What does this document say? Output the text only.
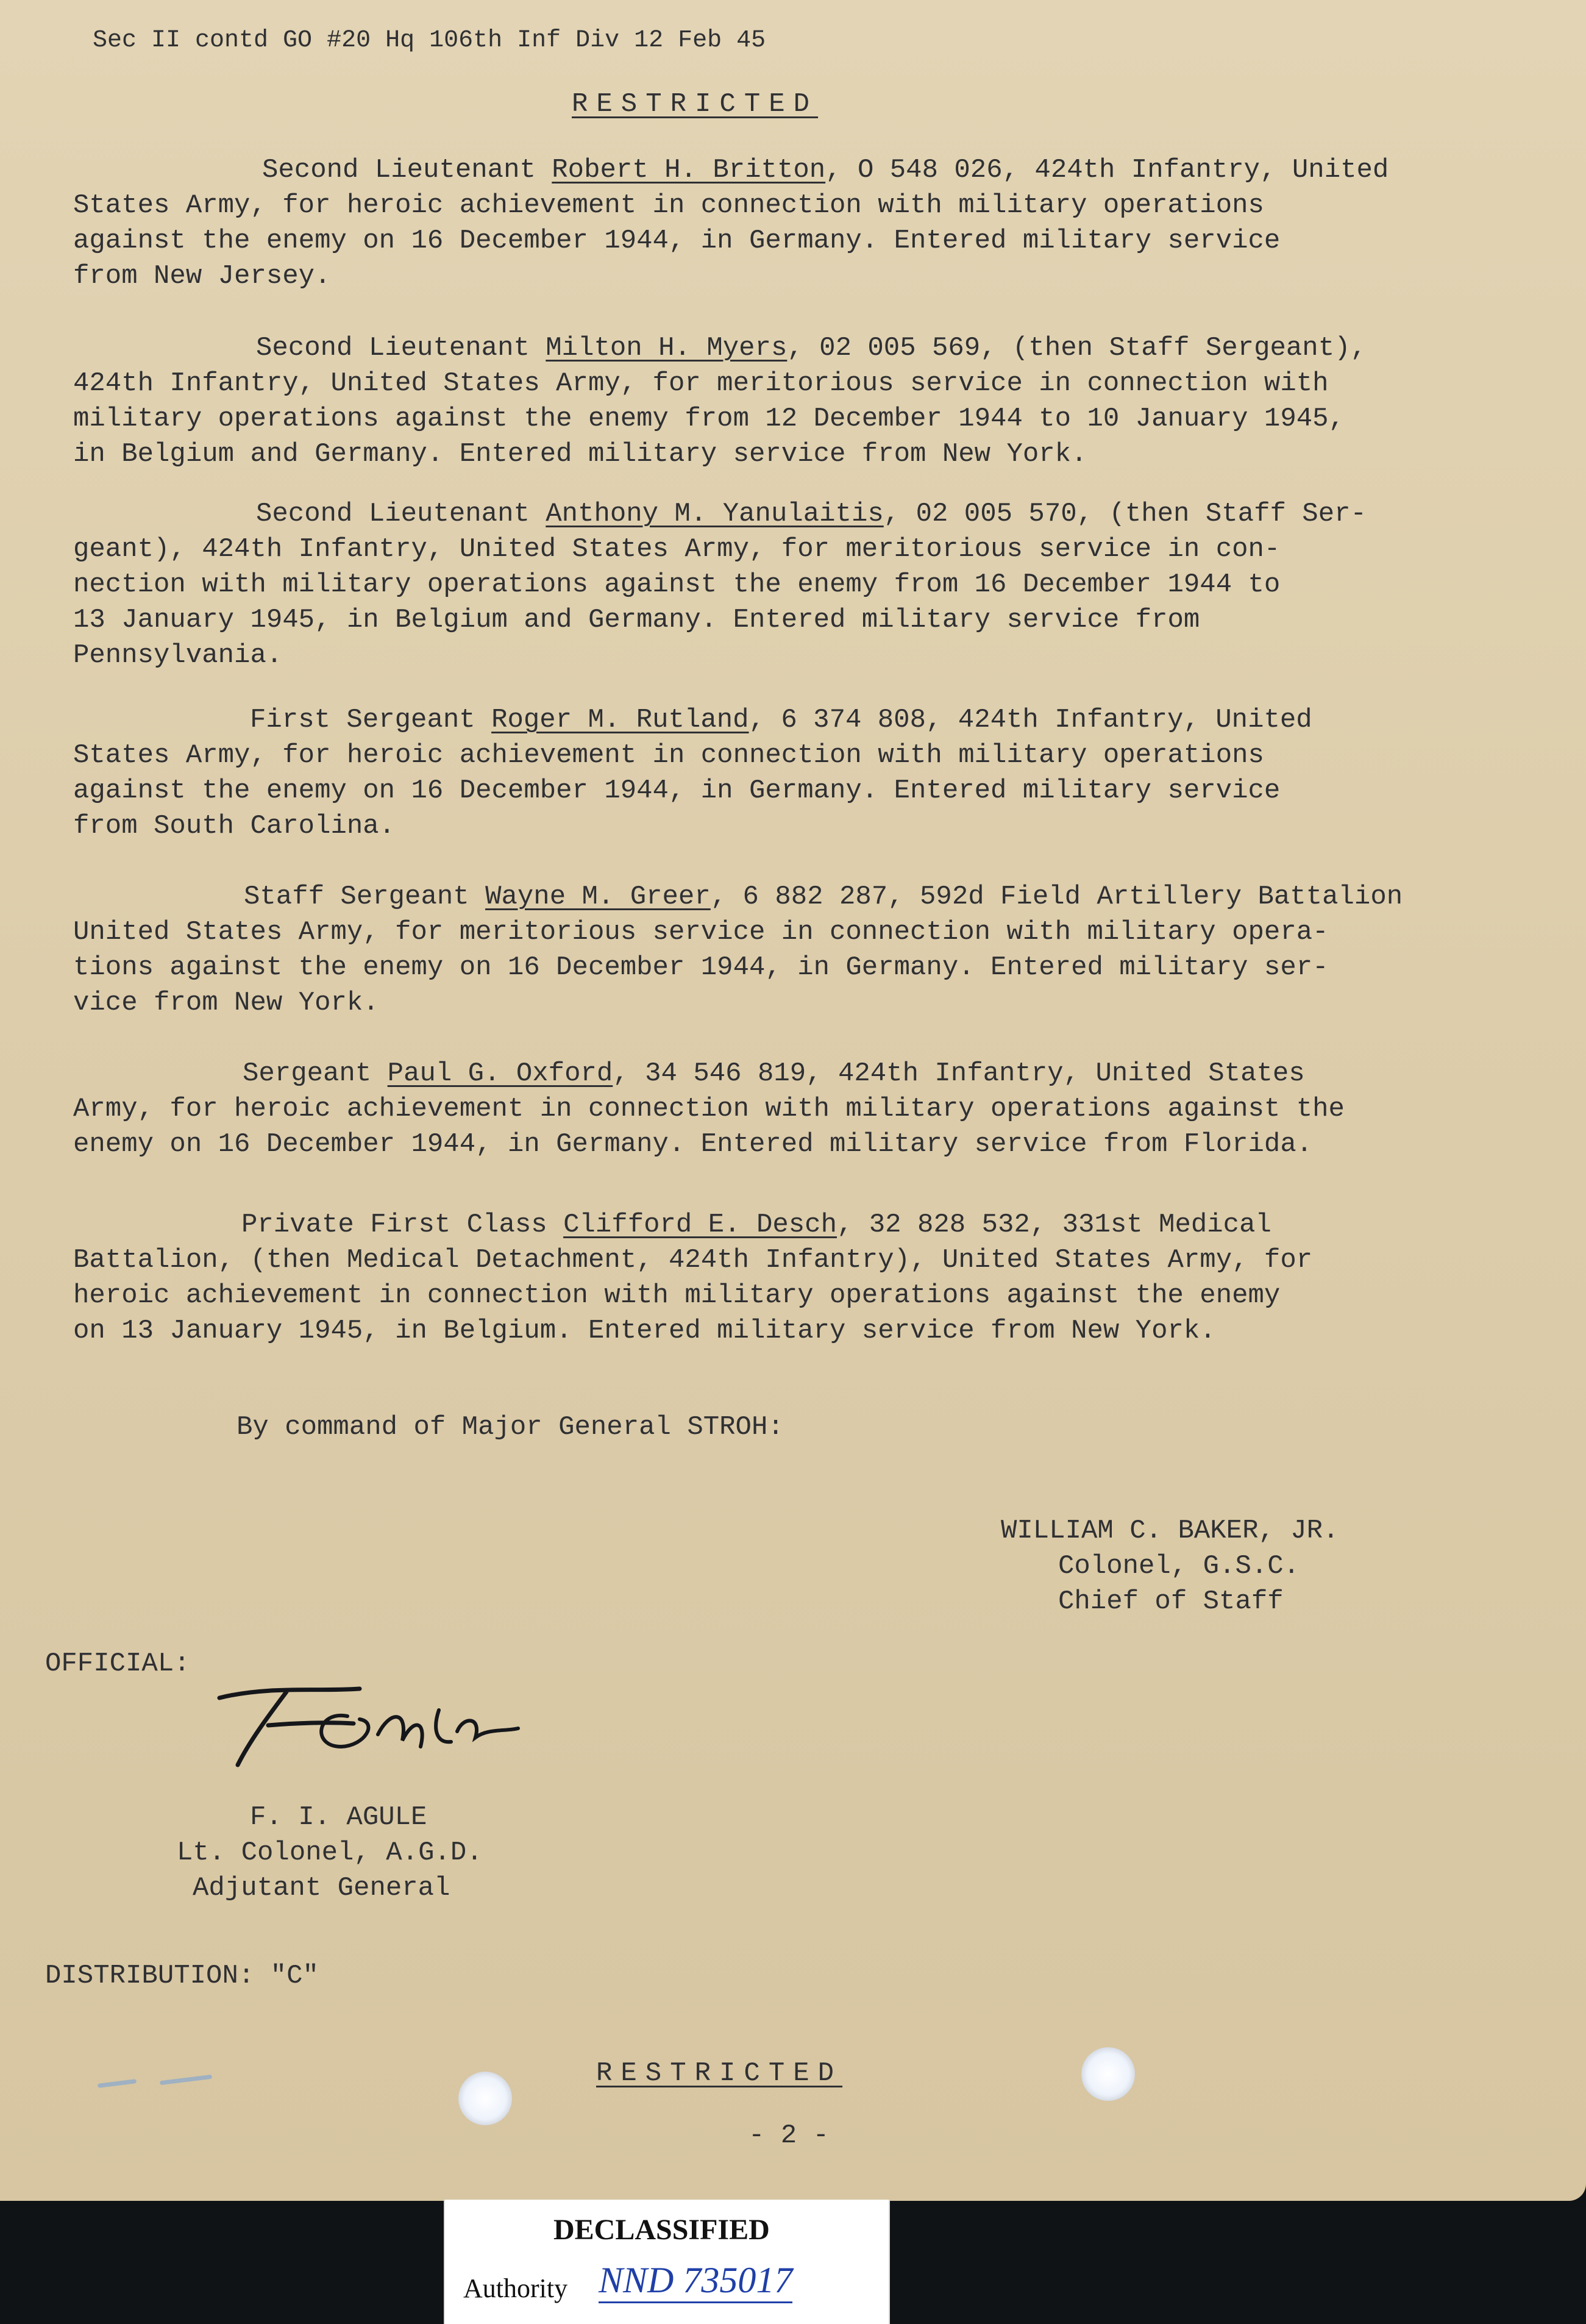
Sec II contd GO #20 Hq 106th Inf Div 12 Feb 45

RESTRICTED

Second Lieutenant Robert H. Britton, O 548 026, 424th Infantry, United

States Army, for heroic achievement in connection with military operations

against the enemy on 16 December 1944, in Germany. Entered military service

from New Jersey.

Second Lieutenant Milton H. Myers, 02 005 569, (then Staff Sergeant),

424th Infantry, United States Army, for meritorious service in connection with

military operations against the enemy from 12 December 1944 to 10 January 1945,

in Belgium and Germany. Entered military service from New York.

Second Lieutenant Anthony M. Yanulaitis, 02 005 570, (then Staff Ser-

geant), 424th Infantry, United States Army, for meritorious service in con-

nection with military operations against the enemy from 16 December 1944 to

13 January 1945, in Belgium and Germany. Entered military service from

Pennsylvania.

First Sergeant Roger M. Rutland, 6 374 808, 424th Infantry, United

States Army, for heroic achievement in connection with military operations

against the enemy on 16 December 1944, in Germany. Entered military service

from South Carolina.

Staff Sergeant Wayne M. Greer, 6 882 287, 592d Field Artillery Battalion

United States Army, for meritorious service in connection with military opera-

tions against the enemy on 16 December 1944, in Germany. Entered military ser-

vice from New York.

Sergeant Paul G. Oxford, 34 546 819, 424th Infantry, United States

Army, for heroic achievement in connection with military operations against the

enemy on 16 December 1944, in Germany. Entered military service from Florida.

Private First Class Clifford E. Desch, 32 828 532, 331st Medical

Battalion, (then Medical Detachment, 424th Infantry), United States Army, for

heroic achievement in connection with military operations against the enemy

on 13 January 1945, in Belgium. Entered military service from New York.

By command of Major General STROH:

WILLIAM C. BAKER, JR.

Colonel, G.S.C.

Chief of Staff

OFFICIAL:

F. I. AGULE

Lt. Colonel, A.G.D.

Adjutant General

DISTRIBUTION: "C"

RESTRICTED

- 2 -

DECLASSIFIED
Authority NND 735017
